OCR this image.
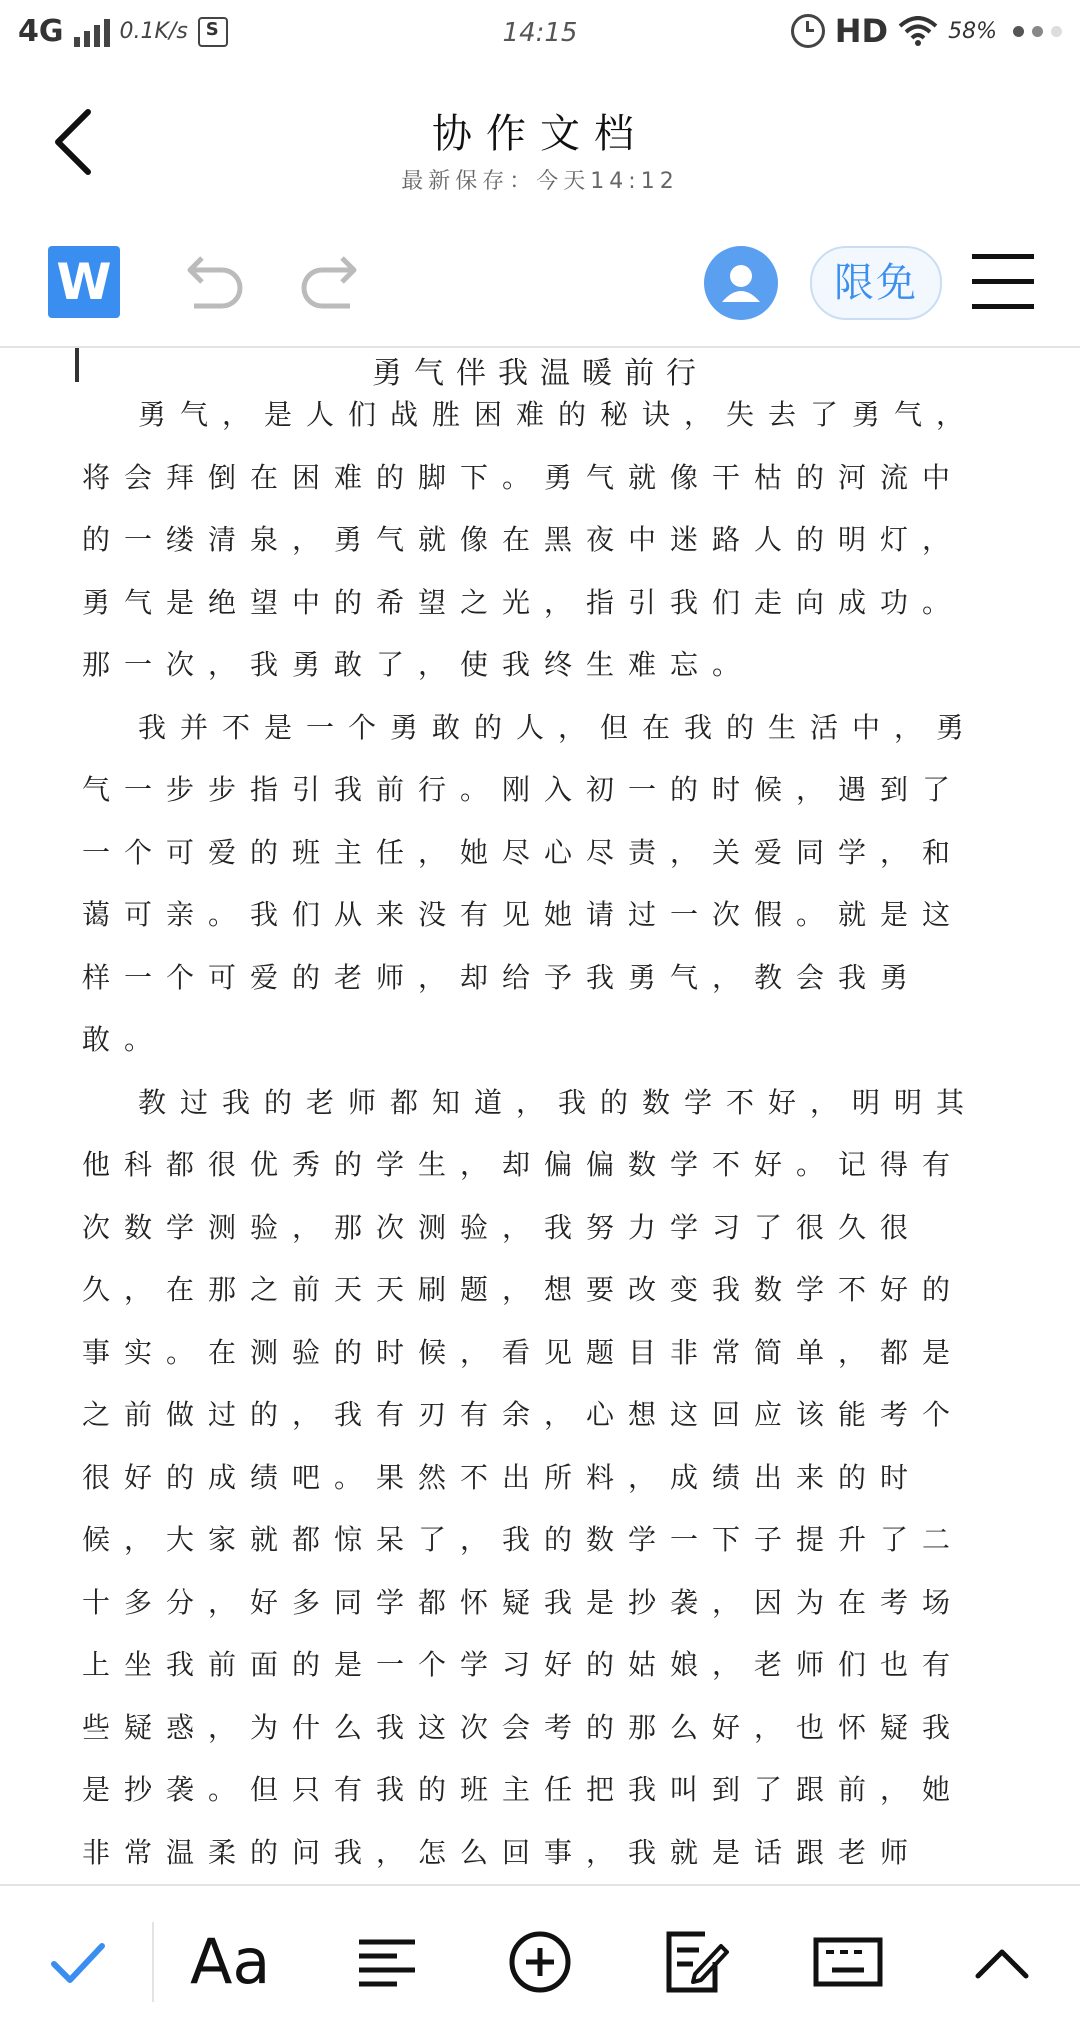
4G	0.1K/s
S	14:15	HD	58%
协作文档
最新保存：今天14:12
W	限免
勇气伴我温暖前行

勇气，是人们战胜困难的秘诀，失去了勇气，将会拜倒在困难的脚下。勇气就像干枯的河流中的一缕清泉，勇气就像在黑夜中迷路人的明灯，勇气是绝望中的希望之光，指引我们走向成功。那一次，我勇敢了，使我终生难忘。

我并不是一个勇敢的人，但在我的生活中，勇气一步步指引我前行。刚入初一的时候，遇到了一个可爱的班主任，她尽心尽责，关爱同学，和蔼可亲。我们从来没有见她请过一次假。就是这样一个可爱的老师，却给予我勇气，教会我勇敢。

教过我的老师都知道，我的数学不好，明明其他科都很优秀的学生，却偏偏数学不好。记得有次数学测验，那次测验，我努力学习了很久很久，在那之前天天刷题，想要改变我数学不好的事实。在测验的时候，看见题目非常简单，都是之前做过的，我有刃有余，心想这回应该能考个很好的成绩吧。果然不出所料，成绩出来的时候，大家就都惊呆了，我的数学一下子提升了二十多分，好多同学都怀疑我是抄袭，因为在考场上坐我前面的是一个学习好的姑娘，老师们也有些疑惑，为什么我这次会考的那么好，也怀疑我是抄袭。但只有我的班主任把我叫到了跟前，她非常温柔的问我，怎么回事，我就是话跟老师

Aa
